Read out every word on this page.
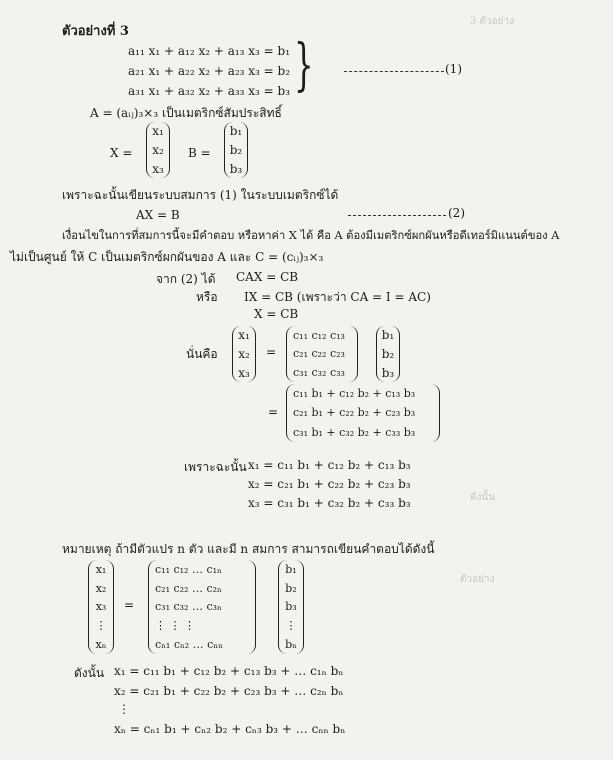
3 ตัวอย่าง
ตัวอย่าง
ดังนั้น
ตัวอย่างที่ 3
a₁₁ x₁ + a₁₂ x₂ + a₁₃ x₃ = b₁
a₂₁ x₁ + a₂₂ x₂ + a₂₃ x₃ = b₂
a₃₁ x₁ + a₃₂ x₂ + a₃₃ x₃ = b₃ }	(1)
A = (aᵢⱼ)₃×₃ เป็นเมตริกซ์สัมประสิทธิ์
X =
x₁
x₂
x₃
B =
b₁
b₂
b₃
เพราะฉะนั้นเขียนระบบสมการ (1) ในระบบเมตริกซ์ได้
AX = B	(2)
เงื่อนไขในการที่สมการนี้จะมีคำตอบ หรือหาค่า X ได้ คือ A ต้องมีเมตริกซ์ผกผันหรือดีเทอร์มิแนนต์ของ A
ไม่เป็นศูนย์ ให้ C เป็นเมตริกซ์ผกผันของ A และ C = (cᵢⱼ)₃×₃
จาก (2) ได้ CAX = CB
หรือ IX = CB (เพราะว่า CA = I = AC)
X = CB
นั่นคือ
x₁
x₂
x₃
=
c₁₁ c₁₂ c₁₃
c₂₁ c₂₂ c₂₃
c₃₁ c₃₂ c₃₃
b₁
b₂
b₃
=
c₁₁ b₁ + c₁₂ b₂ + c₁₃ b₃
c₂₁ b₁ + c₂₂ b₂ + c₂₃ b₃
c₃₁ b₁ + c₃₂ b₂ + c₃₃ b₃
เพราะฉะนั้น x₁ = c₁₁ b₁ + c₁₂ b₂ + c₁₃ b₃
x₂ = c₂₁ b₁ + c₂₂ b₂ + c₂₃ b₃
x₃ = c₃₁ b₁ + c₃₂ b₂ + c₃₃ b₃
หมายเหตุ ถ้ามีตัวแปร n ตัว และมี n สมการ สามารถเขียนคำตอบได้ดังนี้
x₁
x₂
x₃
⋮
xₙ
=
c₁₁ c₁₂ … c₁ₙ
c₂₁ c₂₂ … c₂ₙ
c₃₁ c₃₂ … c₃ₙ
⋮ ⋮ ⋮
cₙ₁ cₙ₂ … cₙₙ
b₁
b₂
b₃
⋮
bₙ
ดังนั้น x₁ = c₁₁ b₁ + c₁₂ b₂ + c₁₃ b₃ + … c₁ₙ bₙ
x₂ = c₂₁ b₁ + c₂₂ b₂ + c₂₃ b₃ + … c₂ₙ bₙ
⋮
xₙ = cₙ₁ b₁ + cₙ₂ b₂ + cₙ₃ b₃ + … cₙₙ bₙ
